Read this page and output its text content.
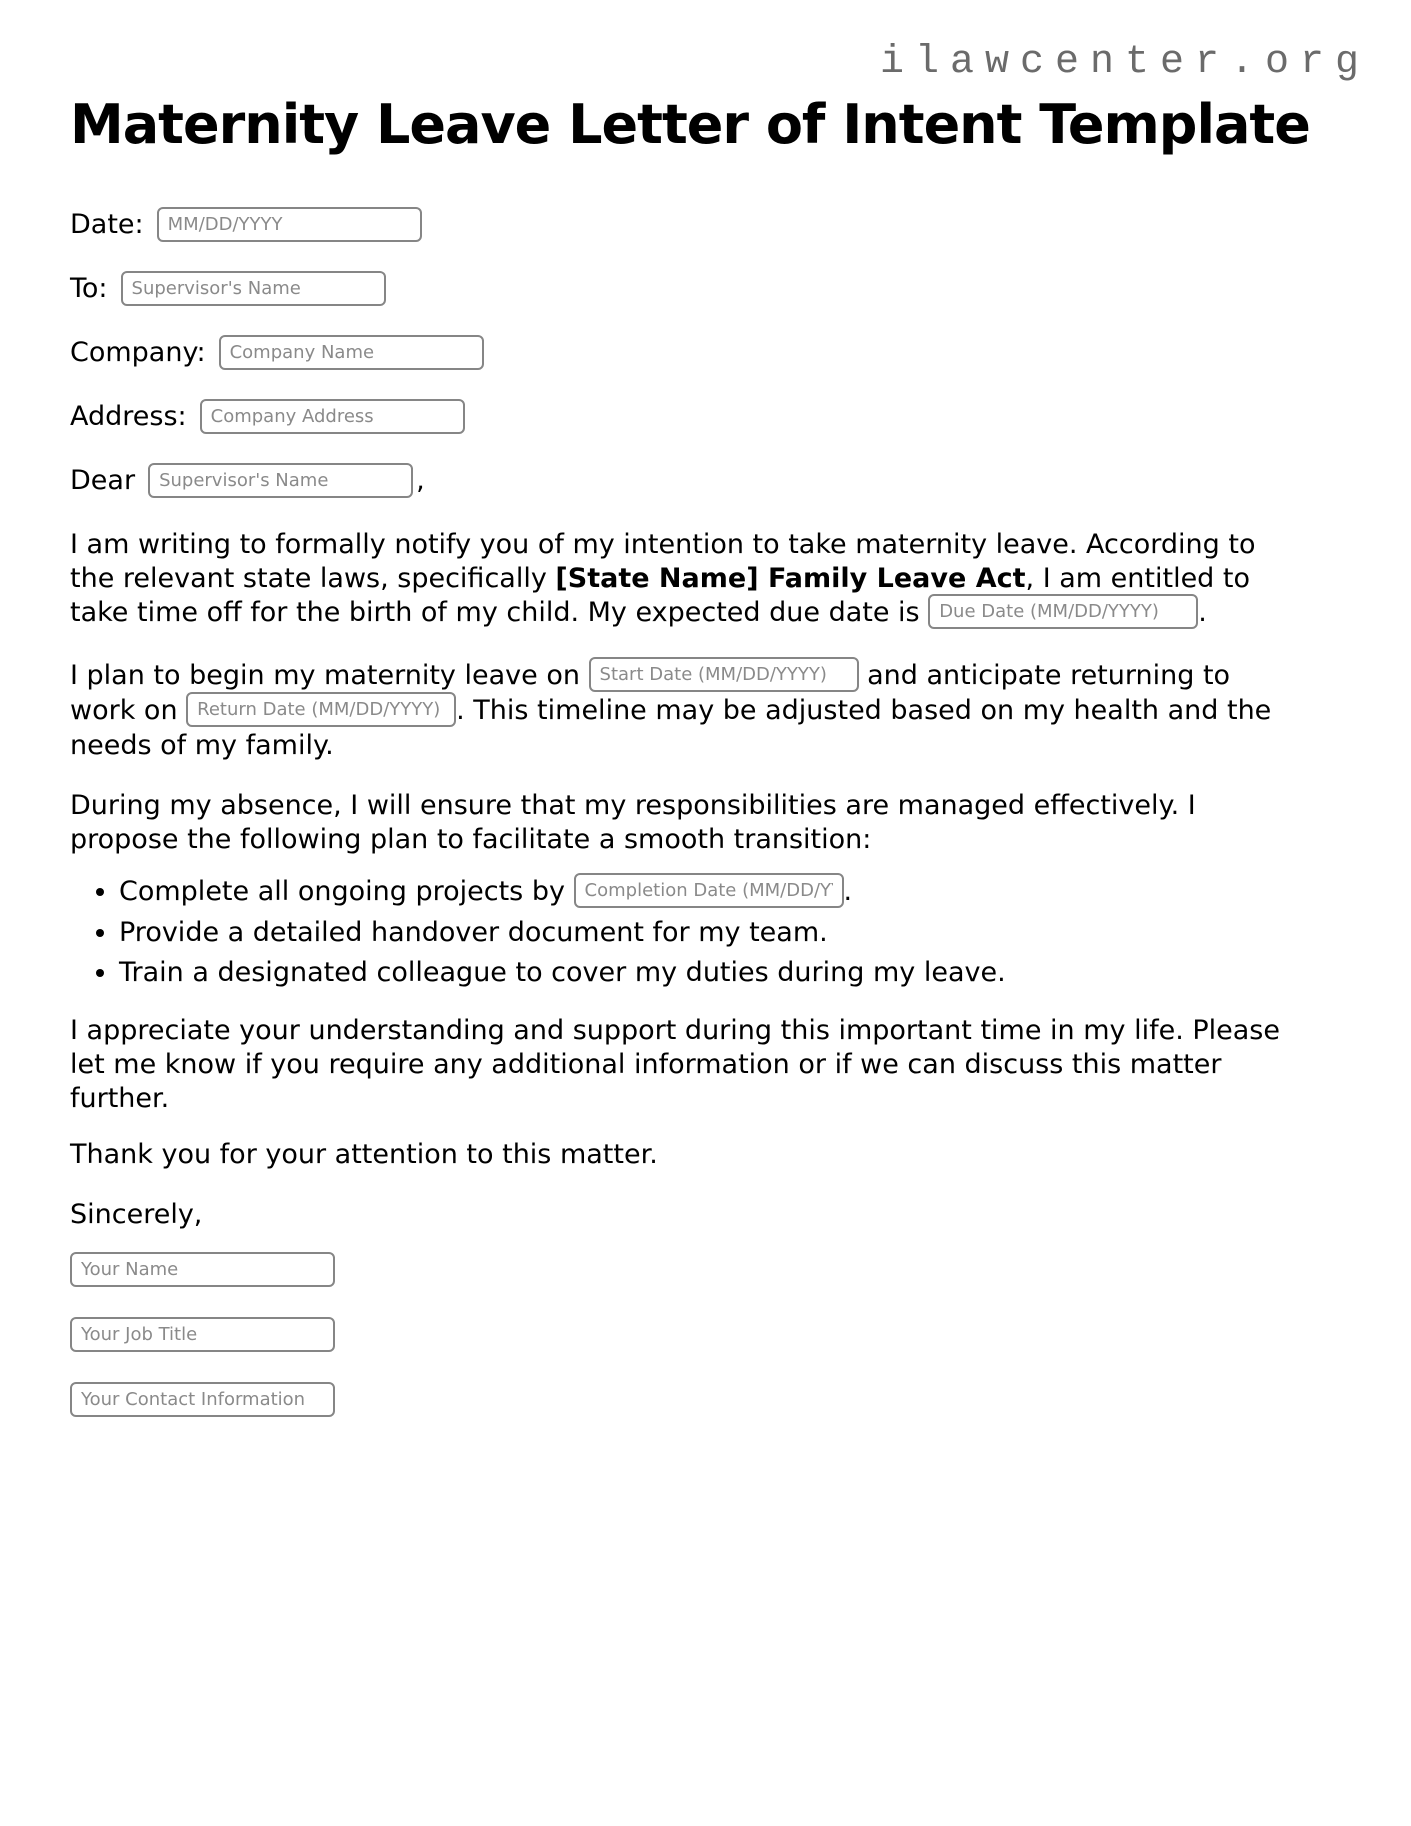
ilawcenter.org
Maternity Leave Letter of Intent Template
Date:
MM/DD/YYYY
To:
Supervisor's Name
Company:
Company Name
Address:
Company Address
Dear
Supervisor's Name	,

I am writing to formally notify you of my intention to take maternity leave. According to
the relevant state laws, specifically [State Name] Family Leave Act, I am entitled to
take time off for the birth of my child. My expected due date is Due Date (MM/DD/YYYY)	.

I plan to begin my maternity leave on Start Date (MM/DD/YYYY)	and anticipate returning to
work on Return Date (MM/DD/YYYY)	. This timeline may be adjusted based on my health and the
needs of my family.

During my absence, I will ensure that my responsibilities are managed effectively. I
propose the following plan to facilitate a smooth transition:

• Complete all ongoing projects by Completion Date (MM/DD/YYYY)	.
• Provide a detailed handover document for my team.
• Train a designated colleague to cover my duties during my leave.

I appreciate your understanding and support during this important time in my life. Please
let me know if you require any additional information or if we can discuss this matter
further.

Thank you for your attention to this matter.

Sincerely,

Your Name
Your Job Title
Your Contact Information
